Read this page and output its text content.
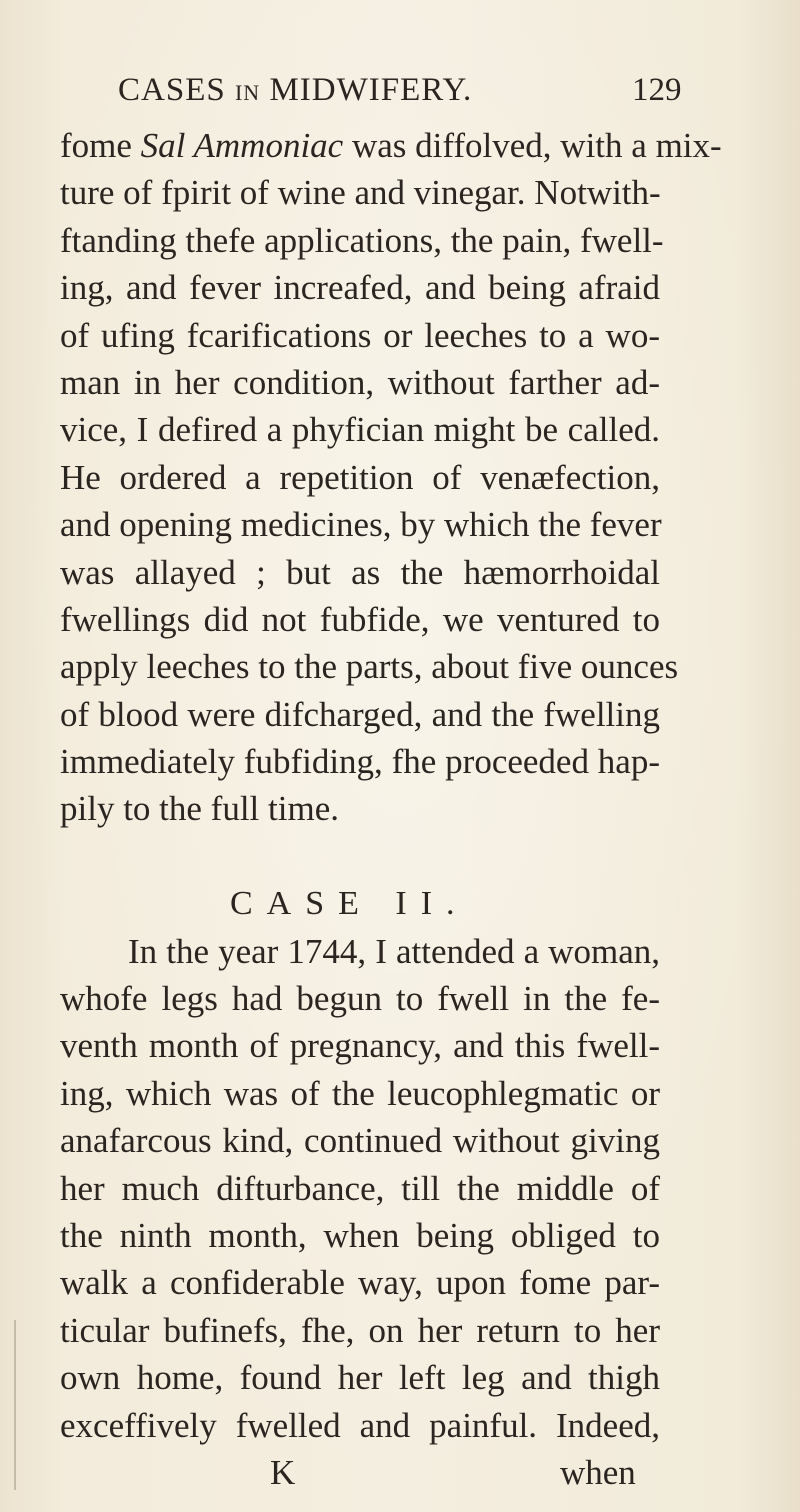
CASES IN MIDWIFERY.	129
fome Sal Ammoniac was diffolved, with a mix-
ture of fpirit of wine and vinegar. Notwith-
ftanding thefe applications, the pain, fwell-
ing, and fever increafed, and being afraid
of ufing fcarifications or leeches to a wo-
man in her condition, without farther ad-
vice, I defired a phyfician might be called.
He ordered a repetition of venæfection,
and opening medicines, by which the fever
was allayed ; but as the hæmorrhoidal
fwellings did not fubfide, we ventured to
apply leeches to the parts, about five ounces
of blood were difcharged, and the fwelling
immediately fubfiding, fhe proceeded hap-
pily to the full time.
CASE II.
In the year 1744, I attended a woman,
whofe legs had begun to fwell in the fe-
venth month of pregnancy, and this fwell-
ing, which was of the leucophlegmatic or
anafarcous kind, continued without giving
her much difturbance, till the middle of
the ninth month, when being obliged to
walk a confiderable way, upon fome par-
ticular bufinefs, fhe, on her return to her
own home, found her left leg and thigh
exceffively fwelled and painful. Indeed,
K	when
